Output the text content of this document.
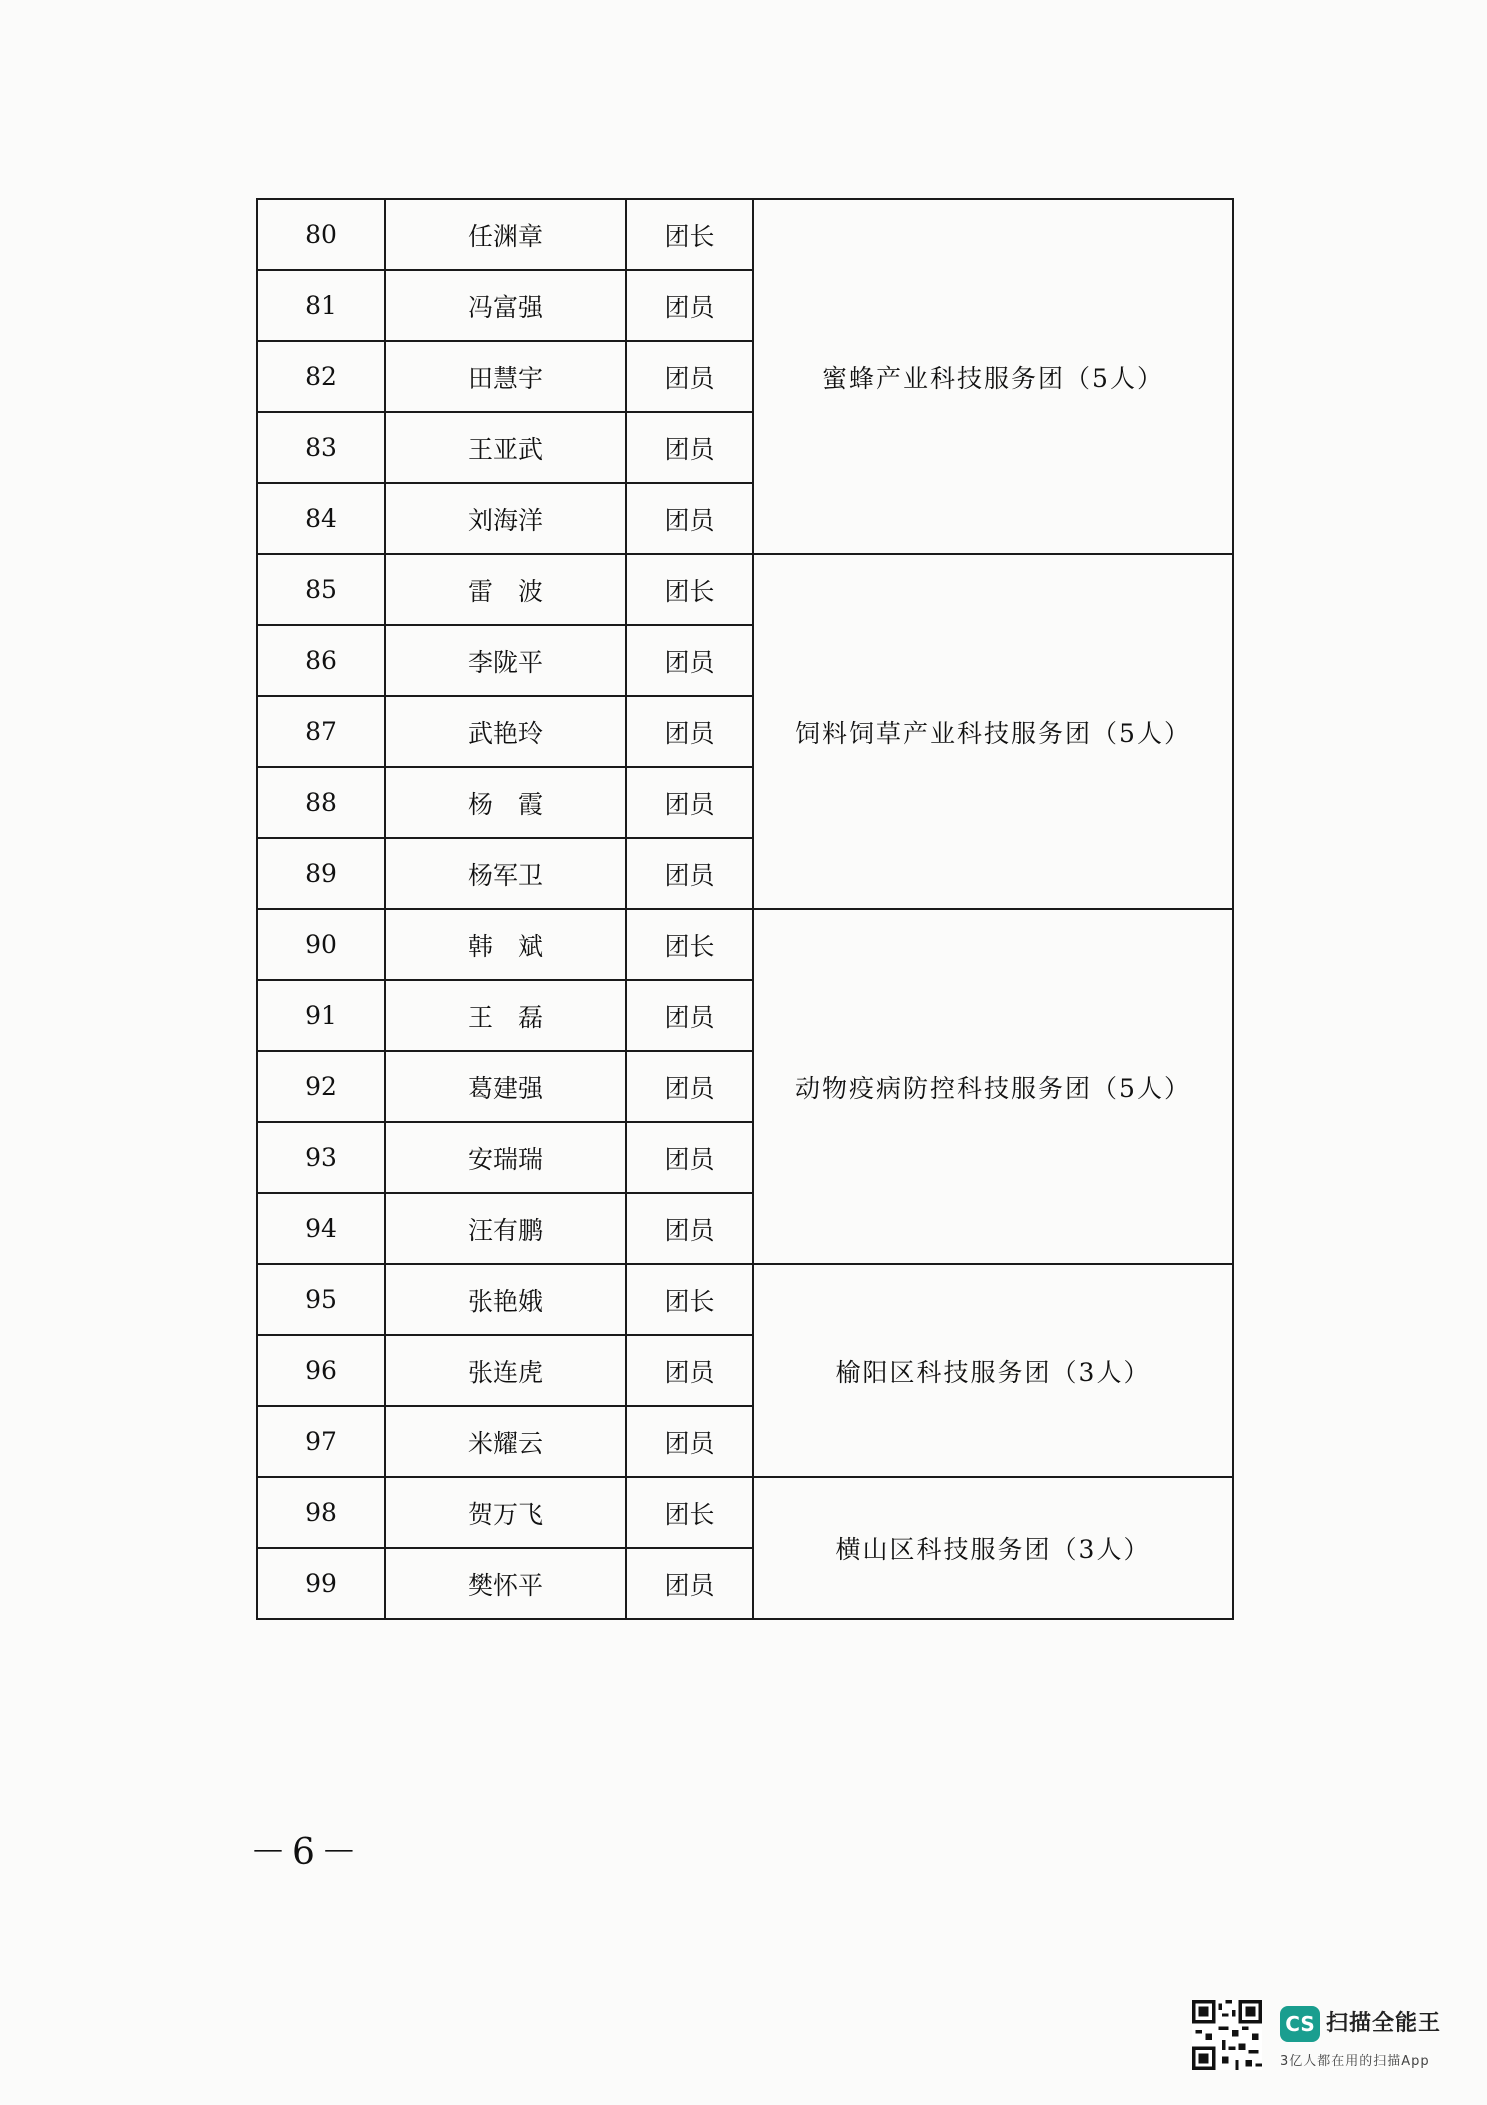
80	任渊章	团长	蜜蜂产业科技服务团（5人）
81	冯富强	团员	
82	田慧宇	团员	
83	王亚武	团员	
84	刘海洋	团员	
85	雷　波	团长	饲料饲草产业科技服务团（5人）
86	李陇平	团员	
87	武艳玲	团员	
88	杨　霞	团员	
89	杨军卫	团员	
90	韩　斌	团长	动物疫病防控科技服务团（5人）
91	王　磊	团员	
92	葛建强	团员	
93	安瑞瑞	团员	
94	汪有鹏	团员	
95	张艳娥	团长	榆阳区科技服务团（3人）
96	张连虎	团员	
97	米耀云	团员	
98	贺万飞	团长	横山区科技服务团（3人）
99	樊怀平	团员	
－6－
CS 扫描全能王
3亿人都在用的扫描App
